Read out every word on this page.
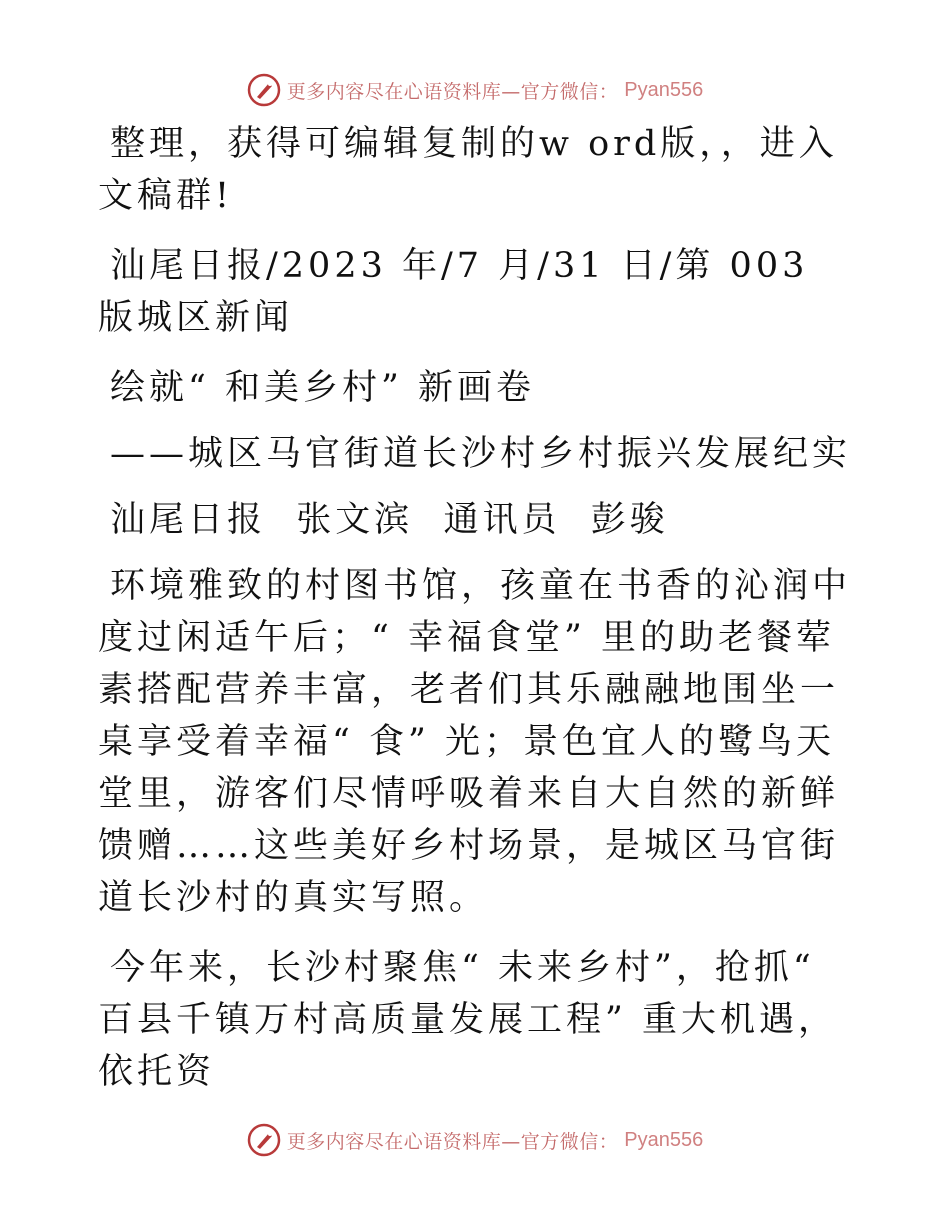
更多内容尽在心语资料库—官方微信： Pyan556

整理，获得可编辑复制的w ord版，，进入文稿群!

汕尾日报/2023 年/7 月/31 日/第 003 版城区新闻

绘就“ 和美乡村” 新画卷

——城区马官街道长沙村乡村振兴发展纪实

汕尾日报  张文滨  通讯员  彭骏

环境雅致的村图书馆，孩童在书香的沁润中度过闲适午后；“ 幸福食堂” 里的助老餐荤素搭配营养丰富，老者们其乐融融地围坐一桌享受着幸福“ 食” 光；景色宜人的鹭鸟天堂里，游客们尽情呼吸着来自大自然的新鲜馈赠……这些美好乡村场景，是城区马官街道长沙村的真实写照。

今年来，长沙村聚焦“ 未来乡村”，抢抓“ 百县千镇万村高质量发展工程” 重大机遇，依托资

更多内容尽在心语资料库—官方微信： Pyan556
